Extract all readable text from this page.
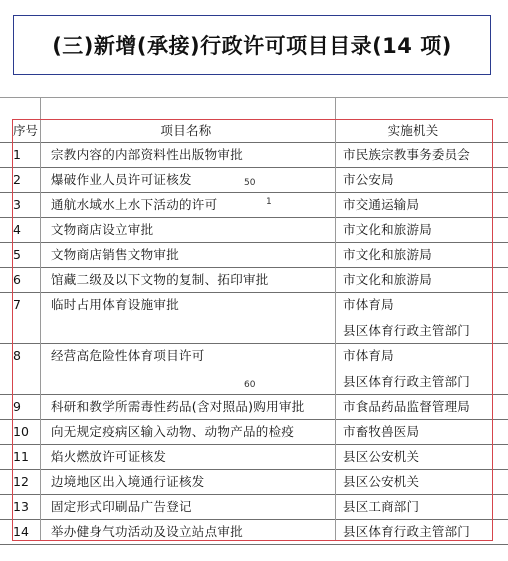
(三)新增(承接)行政许可项目目录(14 项)
序号	项目名称	实施机关
1	宗教内容的内部资料性出版物审批	市民族宗教事务委员会
2	爆破作业人员许可证核发	市公安局
3	通航水域水上水下活动的许可	市交通运输局
4	文物商店设立审批	市文化和旅游局
5	文物商店销售文物审批	市文化和旅游局
6	馆藏二级及以下文物的复制、拓印审批	市文化和旅游局
7	临时占用体育设施审批	市体育局
县区体育行政主管部门
8	经营高危险性体育项目许可	市体育局
县区体育行政主管部门
9	科研和教学所需毒性药品(含对照品)购用审批	市食品药品监督管理局
10	向无规定疫病区输入动物、动物产品的检疫	市畜牧兽医局
11	焰火燃放许可证核发	县区公安机关
12	边境地区出入境通行证核发	县区公安机关
13	固定形式印刷品广告登记	县区工商部门
14	举办健身气功活动及设立站点审批	县区体育行政主管部门
50
1
60
